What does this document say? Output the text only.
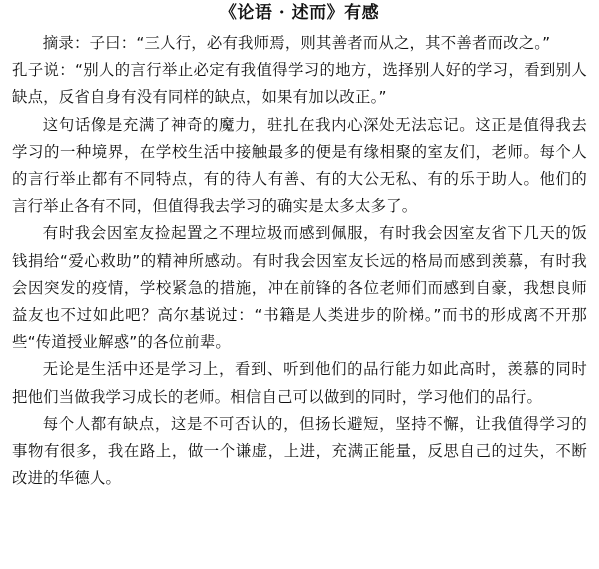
《论语 · 述而》有感

摘录：子曰：“三人行，必有我师焉，则其善者而从之，其不善者而改之。”

孔子说：“别人的言行举止必定有我值得学习的地方，选择别人好的学习，看到别人缺点，反省自身有没有同样的缺点，如果有加以改正。”

这句话像是充满了神奇的魔力，驻扎在我内心深处无法忘记。这正是值得我去学习的一种境界，在学校生活中接触最多的便是有缘相聚的室友们，老师。每个人的言行举止都有不同特点，有的待人有善、有的大公无私、有的乐于助人。他们的言行举止各有不同，但值得我去学习的确实是太多太多了。

有时我会因室友捡起置之不理垃圾而感到佩服，有时我会因室友省下几天的饭钱捐给“爱心救助”的精神所感动。有时我会因室友长远的格局而感到羡慕，有时我会因突发的疫情，学校紧急的措施，冲在前锋的各位老师们而感到自豪，我想良师益友也不过如此吧？高尔基说过：“书籍是人类进步的阶梯。”而书的形成离不开那些“传道授业解惑”的各位前辈。

无论是生活中还是学习上，看到、听到他们的品行能力如此高时，羡慕的同时把他们当做我学习成长的老师。相信自己可以做到的同时，学习他们的品行。

每个人都有缺点，这是不可否认的，但扬长避短，坚持不懈，让我值得学习的事物有很多，我在路上，做一个谦虚，上进，充满正能量，反思自己的过失，不断改进的华德人。
